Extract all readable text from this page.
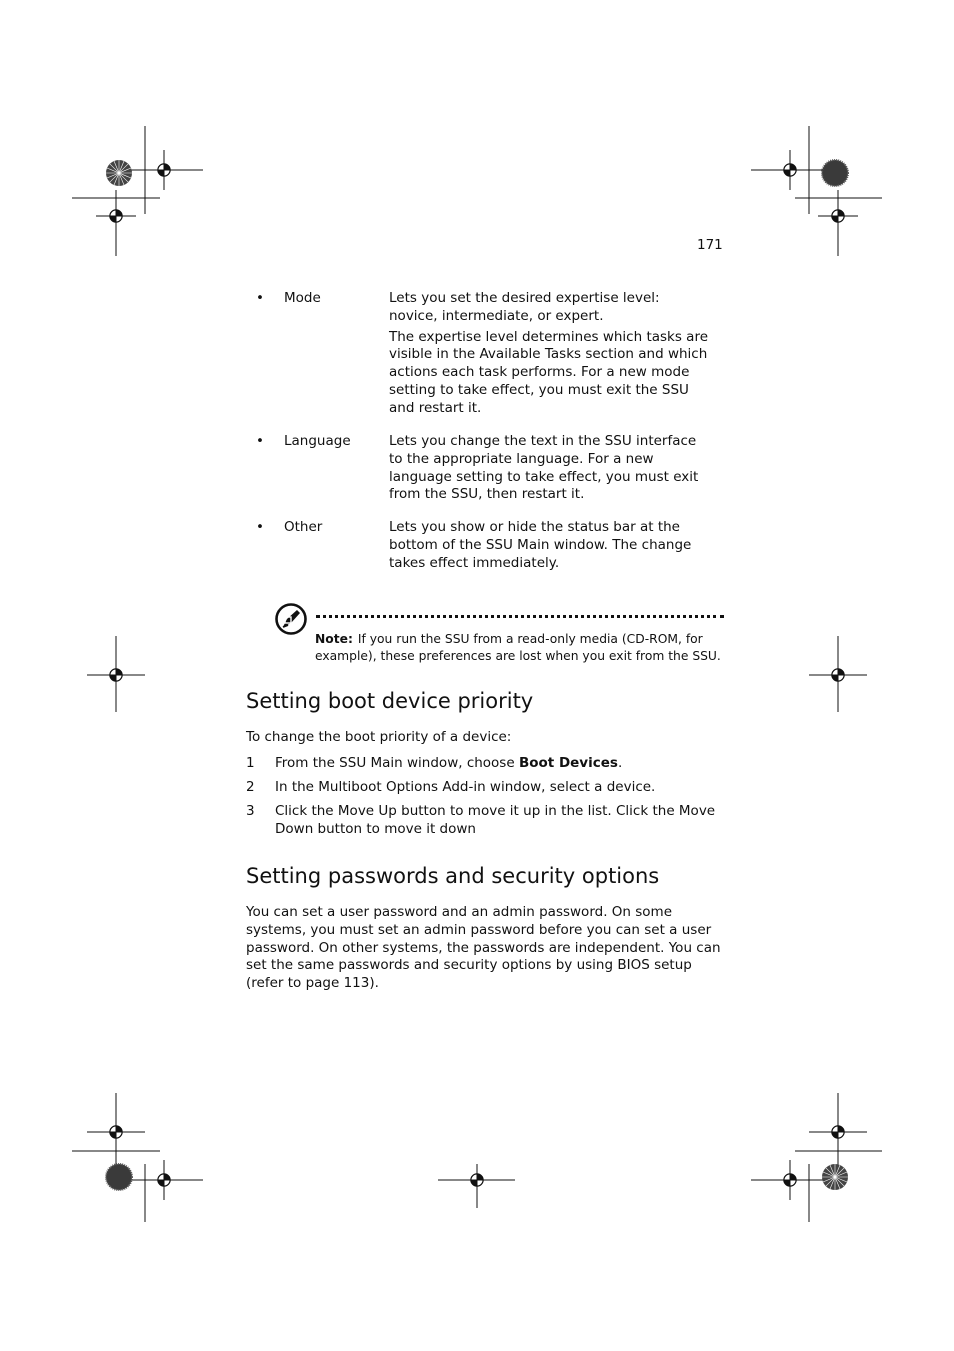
171
• Mode	Lets you set the desired expertise level: novice, intermediate, or expert.

The expertise level determines which tasks are visible in the Available Tasks section and which actions each task performs. For a new mode setting to take effect, you must exit the SSU and restart it.

• Language	Lets you change the text in the SSU interface to the appropriate language. For a new language setting to take effect, you must exit from the SSU, then restart it.

• Other	Lets you show or hide the status bar at the bottom of the SSU Main window. The change takes effect immediately.

Note: If you run the SSU from a read-only media (CD-ROM, for example), these preferences are lost when you exit from the SSU.
Setting boot device priority

To change the boot priority of a device:

1 From the SSU Main window, choose Boot Devices.
2 In the Multiboot Options Add-in window, select a device.
3 Click the Move Up button to move it up in the list. Click the Move Down button to move it down
Setting passwords and security options

You can set a user password and an admin password. On some systems, you must set an admin password before you can set a user password. On other systems, the passwords are independent. You can set the same passwords and security options by using BIOS setup (refer to page 113).
